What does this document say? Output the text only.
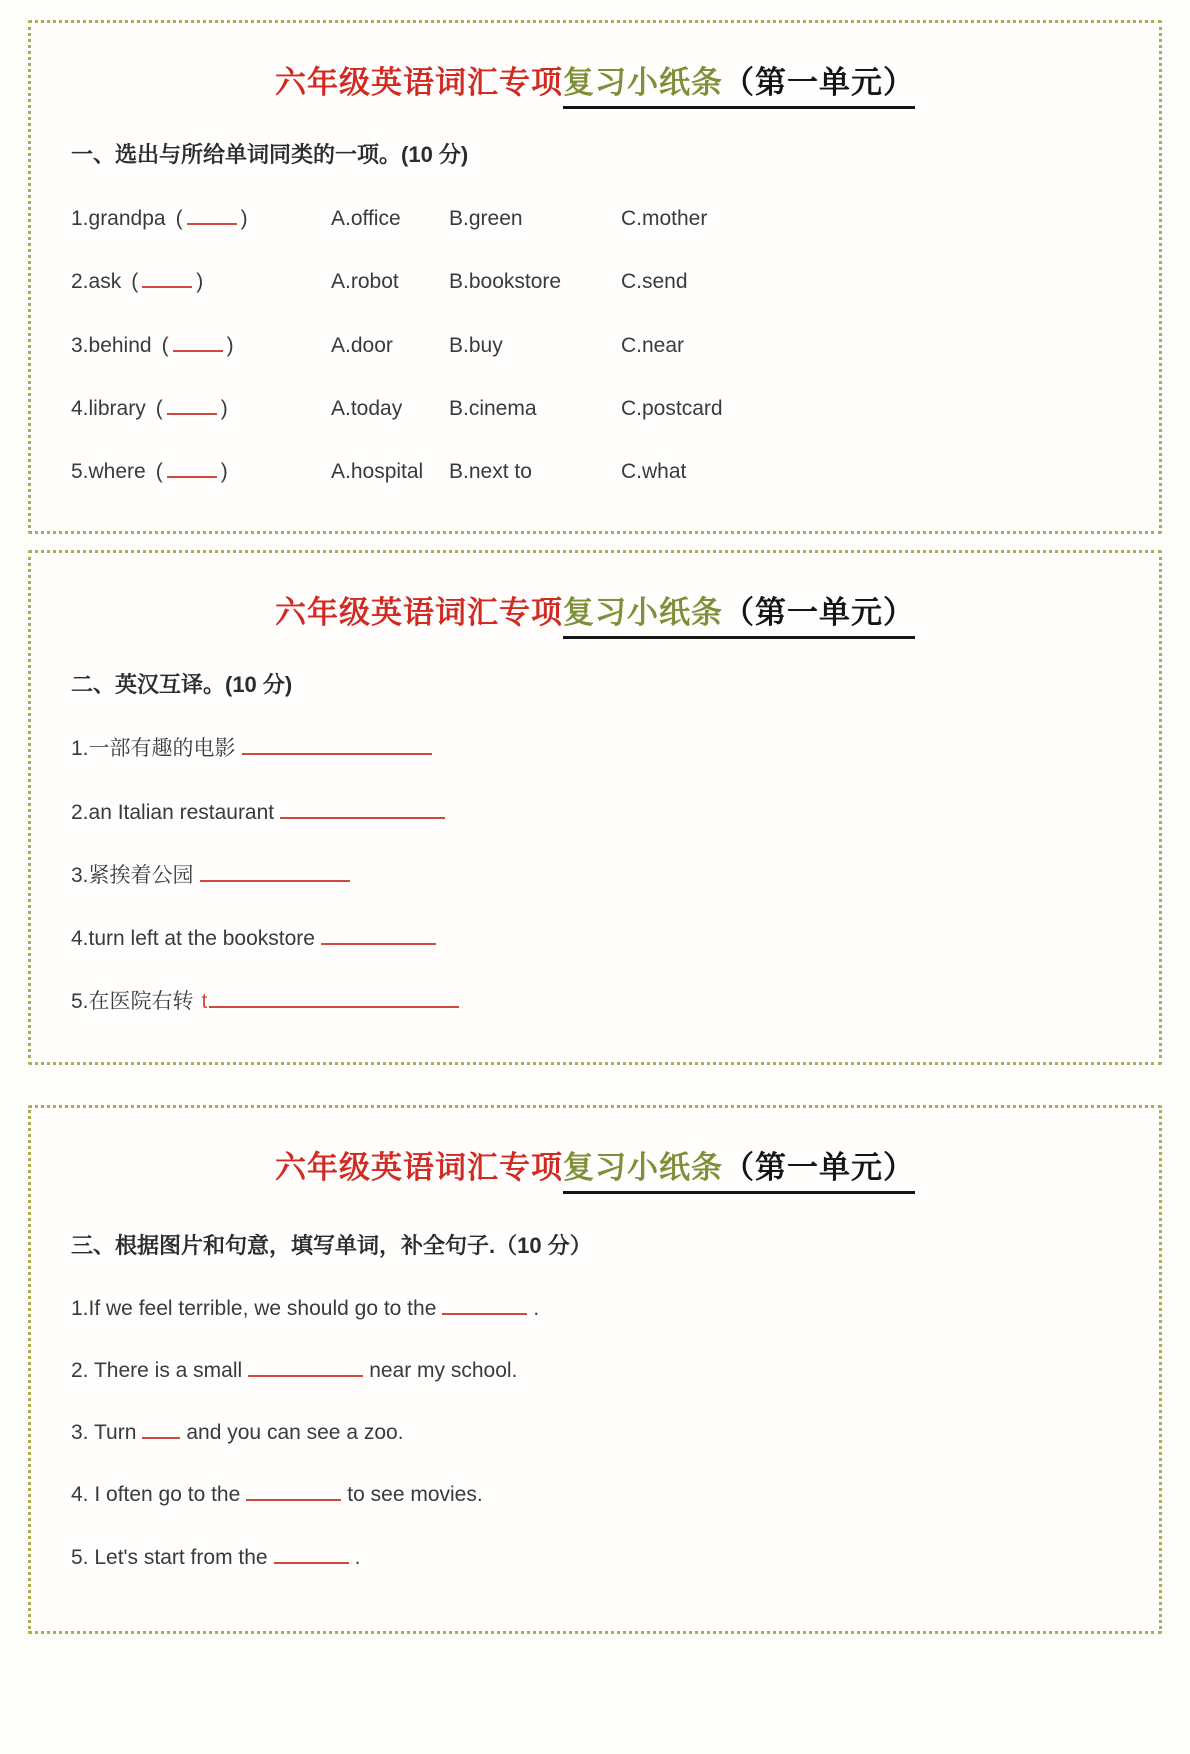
六年级英语词汇专项复习小纸条（第一单元）
一、选出与所给单词同类的一项。(10 分)
1.grandpa (	)	A.office	B.green	C.mother
2.ask (	)	A.robot	B.bookstore	C.send
3.behind (	)	A.door	B.buy	C.near
4.library (	)	A.today	B.cinema	C.postcard
5.where (	)	A.hospital	B.next to	C.what
六年级英语词汇专项复习小纸条（第一单元）
二、英汉互译。(10 分)
1.一部有趣的电影
2.an Italian restaurant
3.紧挨着公园
4.turn left at the bookstore
5.在医院右转 t
六年级英语词汇专项复习小纸条（第一单元）
三、根据图片和句意，填写单词，补全句子.（10 分）
1.If we feel terrible, we should go to the	.
2. There is a small	near my school.
3. Turn and you can see a zoo.
4. I often go to the	to see movies.
5. Let's start from the	.
